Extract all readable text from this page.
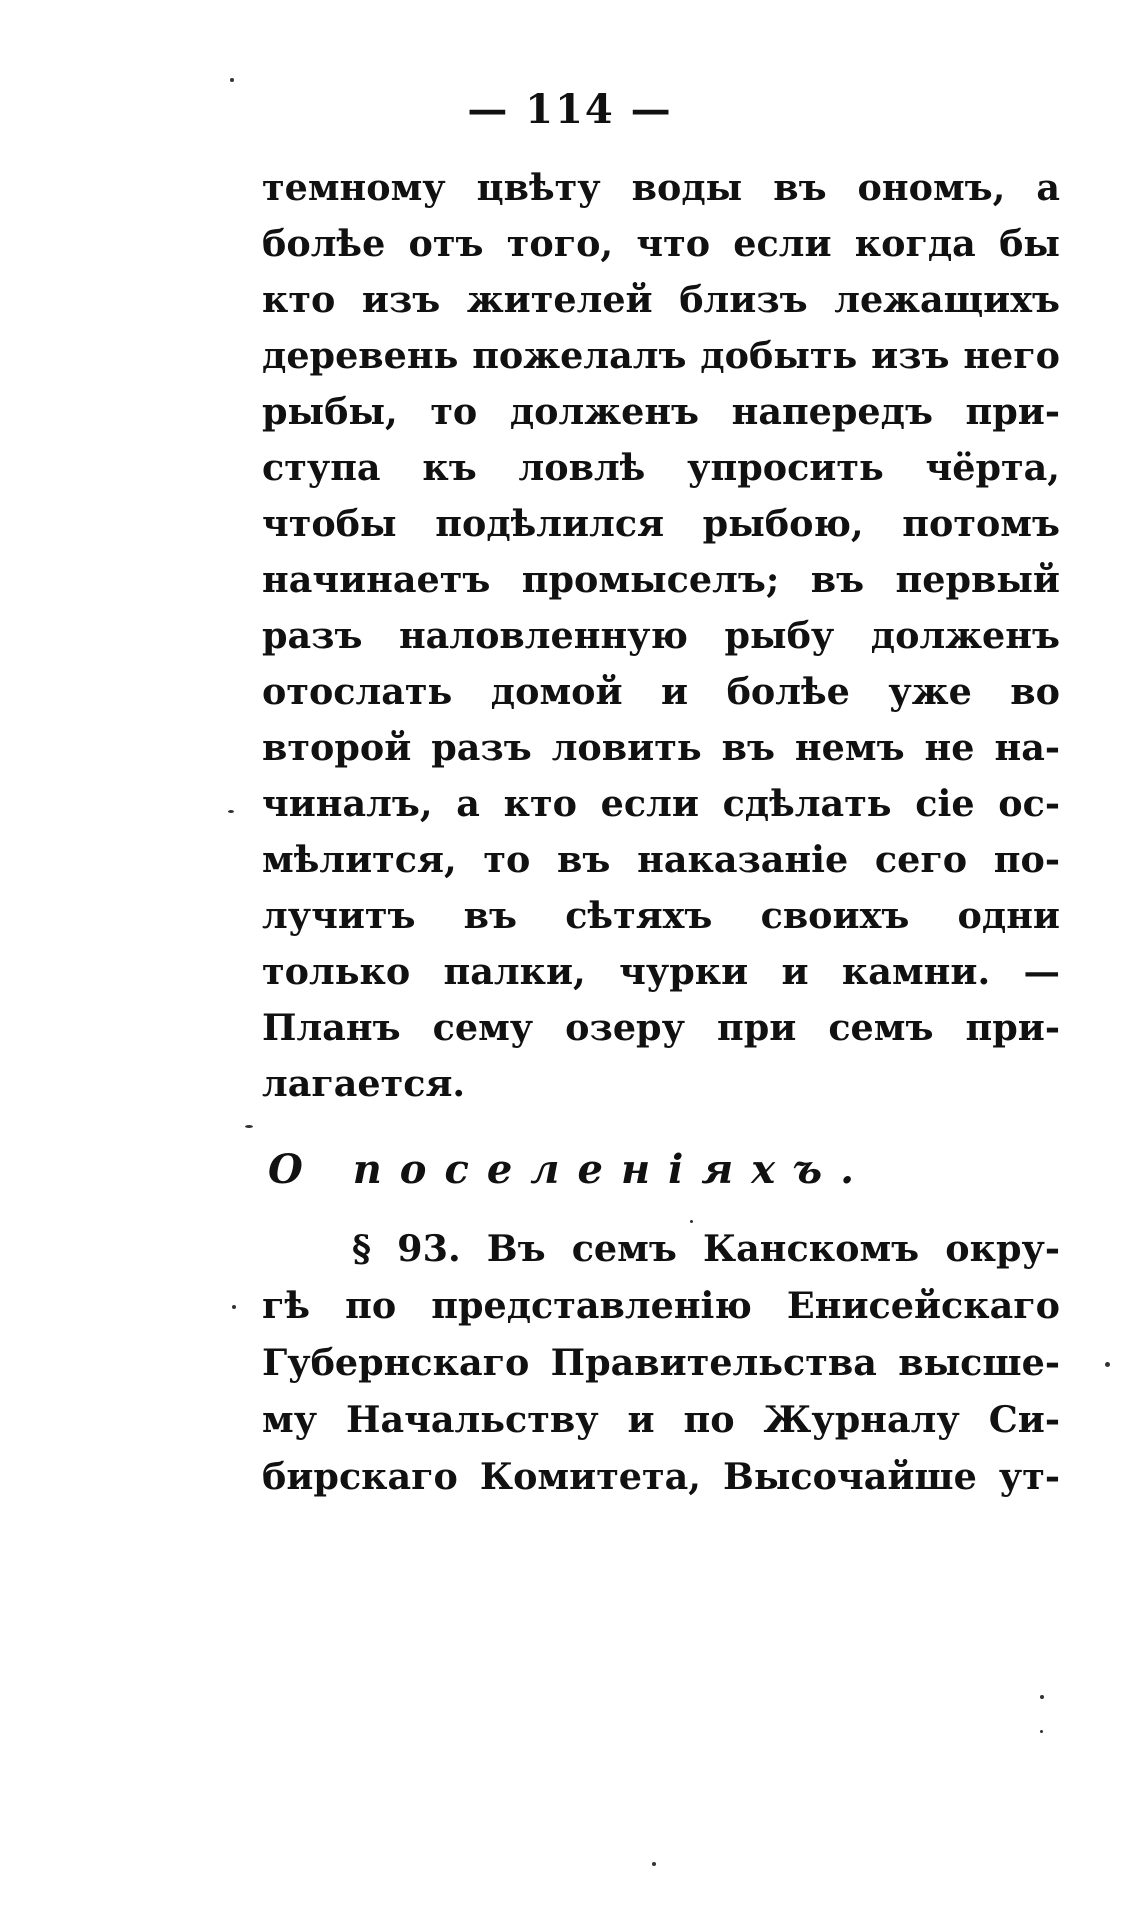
— 114 —
темному цвѣту воды въ ономъ, а
болѣе отъ того, что если когда бы
кто изъ жителей близъ лежащихъ
деревень пожелалъ добыть изъ него
рыбы, то долженъ напередъ при-
ступа къ ловлѣ упросить чёрта,
чтобы подѣлился рыбою, потомъ
начинаетъ промыселъ; въ первый
разъ наловленную рыбу долженъ
отослать домой и болѣе уже во
второй разъ ловить въ немъ не на-
чиналъ, а кто если сдѣлать сіе ос-
мѣлится, то въ наказаніе сего по-
лучитъ въ сѣтяхъ своихъ одни
только палки, чурки и камни. —
Планъ сему озеру при семъ при-
лагается.
О поселеніяхъ.
§ 93. Въ семъ Канскомъ окру-
гѣ по представленію Енисейскаго
Губернскаго Правительства высше-
му Начальству и по Журналу Си-
бирскаго Комитета, Высочайше ут-
